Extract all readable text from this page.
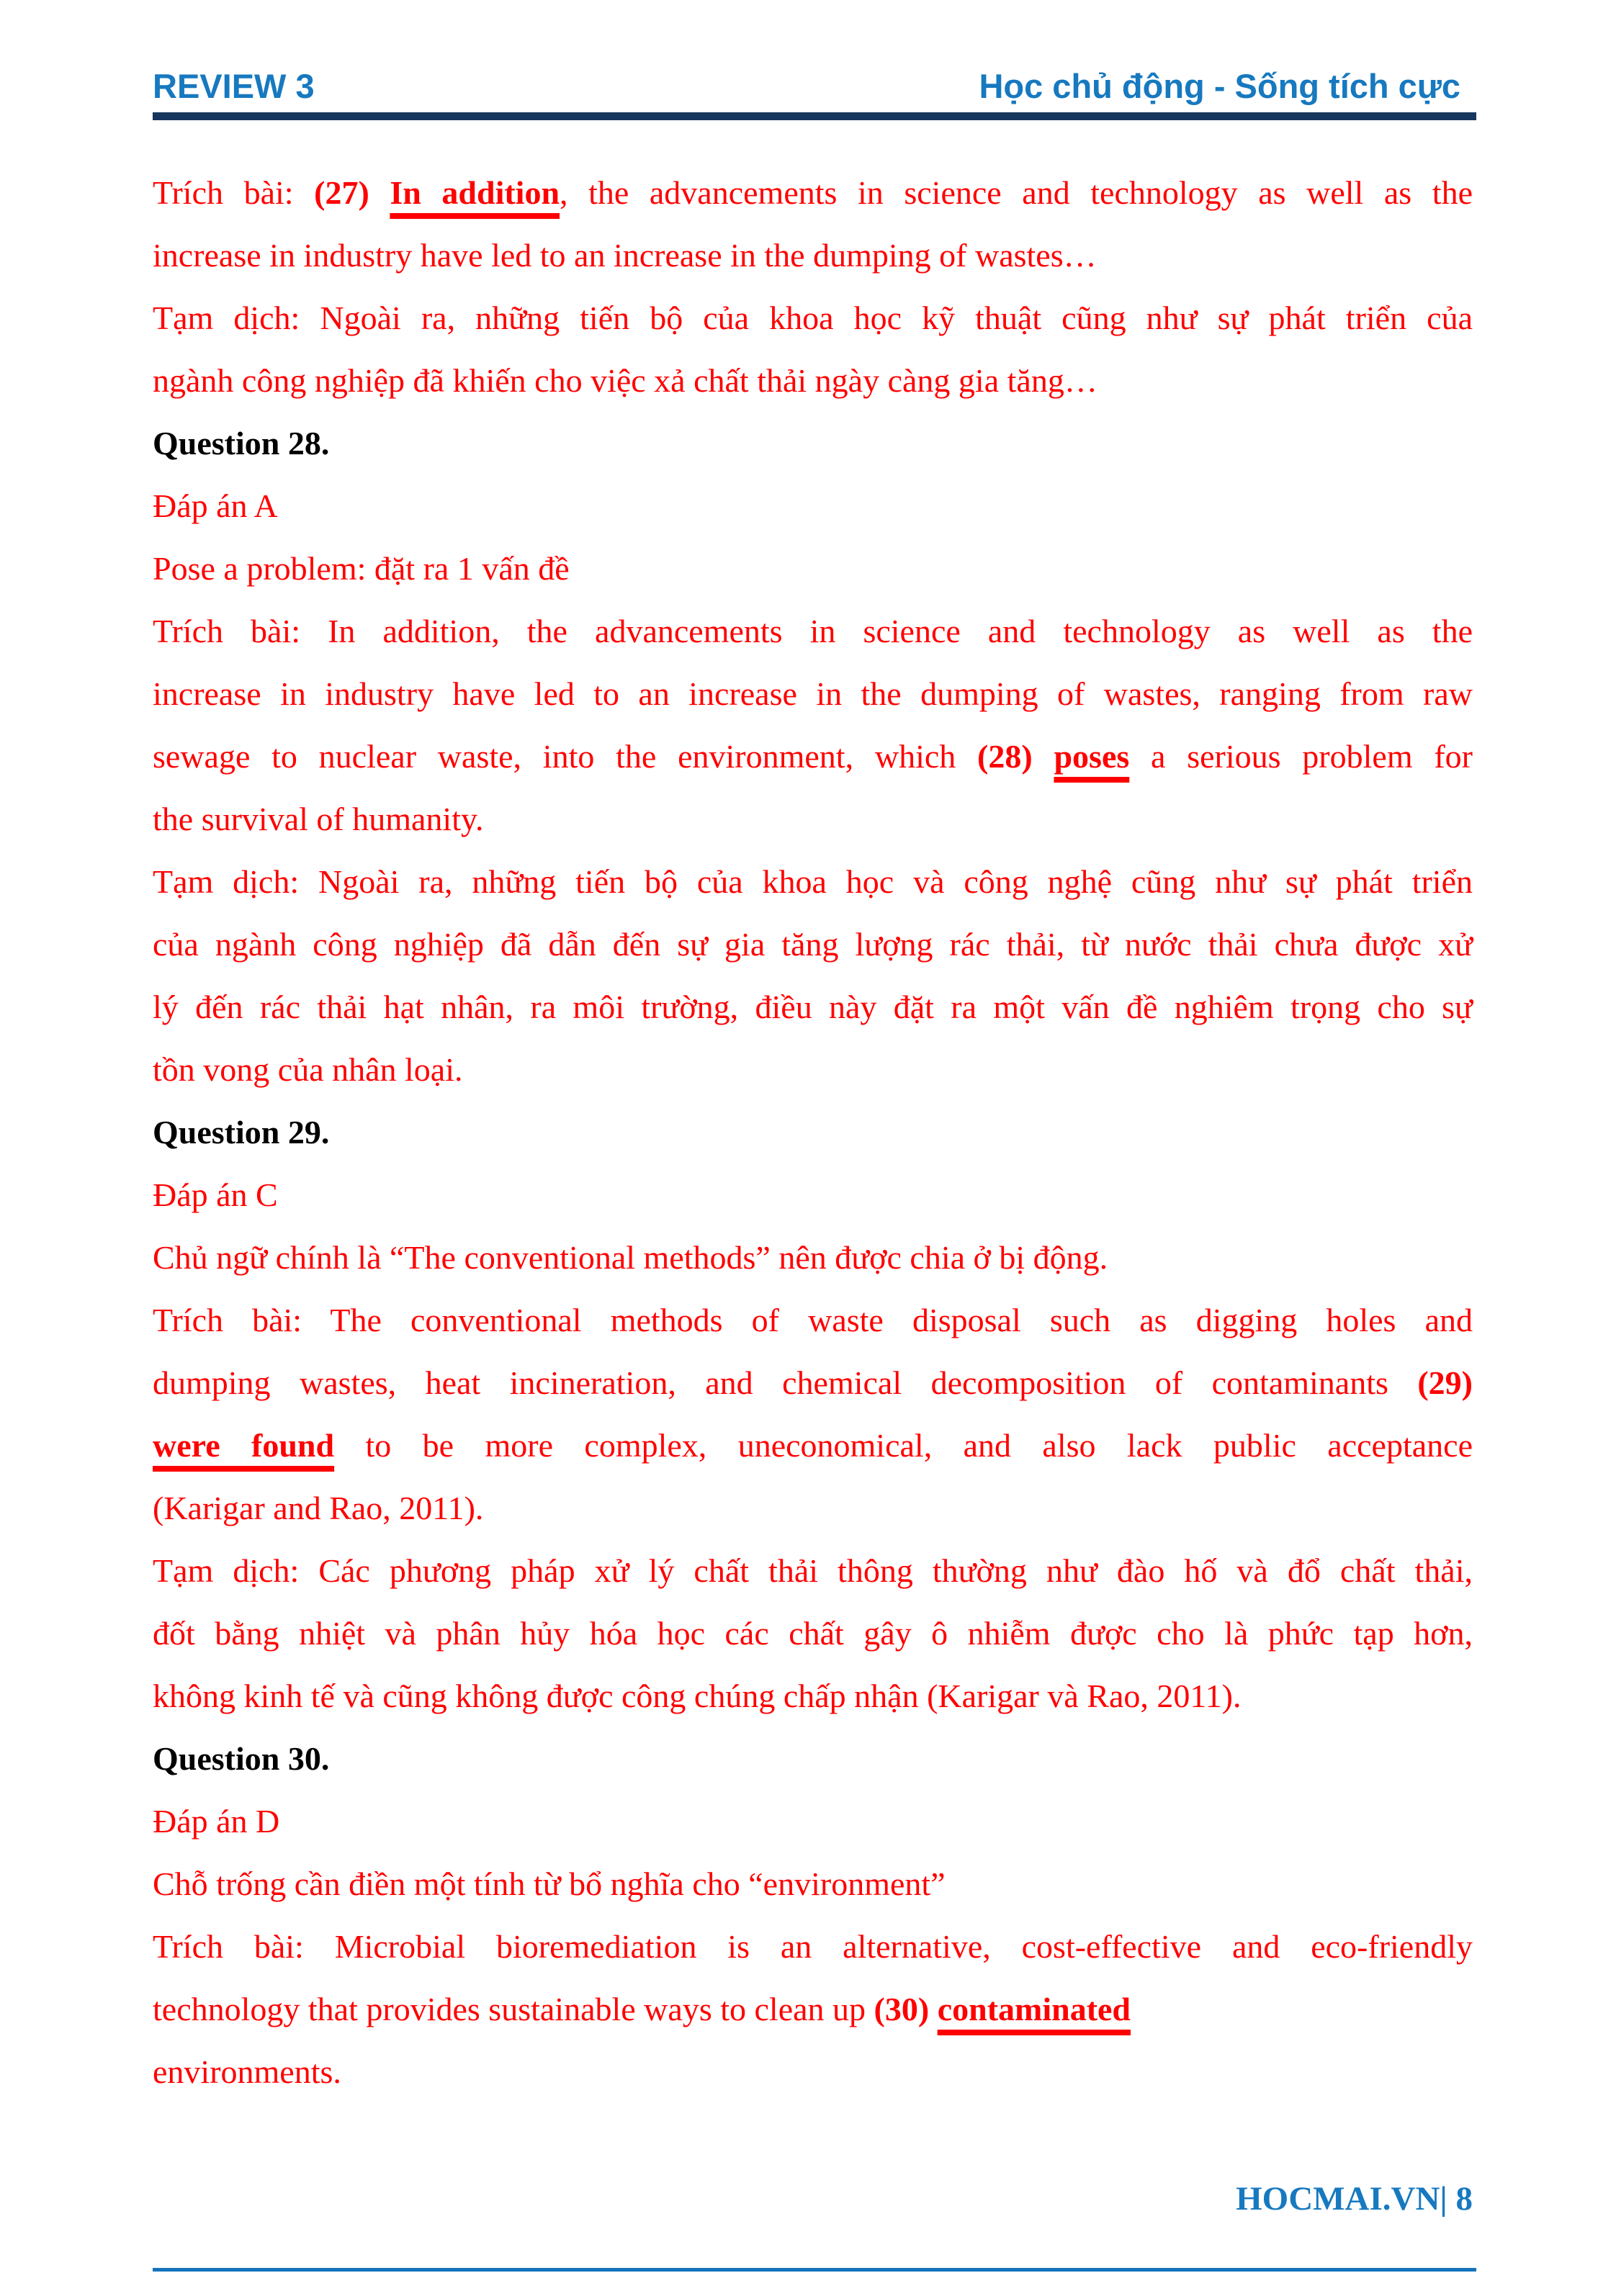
REVIEW 3	Học chủ động - Sống tích cực
Trích bài: (27) In addition, the advancements in science and technology as well as the
increase in industry have led to an increase in the dumping of wastes…
Tạm dịch: Ngoài ra, những tiến bộ của khoa học kỹ thuật cũng như sự phát triển của
ngành công nghiệp đã khiến cho việc xả chất thải ngày càng gia tăng…
Question 28.
Đáp án A
Pose a problem: đặt ra 1 vấn đề
Trích bài: In addition, the advancements in science and technology as well as the
increase in industry have led to an increase in the dumping of wastes, ranging from raw
sewage to nuclear waste, into the environment, which (28) poses a serious problem for
the survival of humanity.
Tạm dịch: Ngoài ra, những tiến bộ của khoa học và công nghệ cũng như sự phát triển
của ngành công nghiệp đã dẫn đến sự gia tăng lượng rác thải, từ nước thải chưa được xử
lý đến rác thải hạt nhân, ra môi trường, điều này đặt ra một vấn đề nghiêm trọng cho sự
tồn vong của nhân loại.
Question 29.
Đáp án C
Chủ ngữ chính là “The conventional methods” nên được chia ở bị động.
Trích bài: The conventional methods of waste disposal such as digging holes and
dumping wastes, heat incineration, and chemical decomposition of contaminants (29)
were found to be more complex, uneconomical, and also lack public acceptance
(Karigar and Rao, 2011).
Tạm dịch: Các phương pháp xử lý chất thải thông thường như đào hố và đổ chất thải,
đốt bằng nhiệt và phân hủy hóa học các chất gây ô nhiễm được cho là phức tạp hơn,
không kinh tế và cũng không được công chúng chấp nhận (Karigar và Rao, 2011).
Question 30.
Đáp án D
Chỗ trống cần điền một tính từ bổ nghĩa cho “environment”
Trích bài: Microbial bioremediation is an alternative, cost-effective and eco-friendly
technology that provides sustainable ways to clean up (30) contaminated
environments.
HOCMAI.VN| 8
